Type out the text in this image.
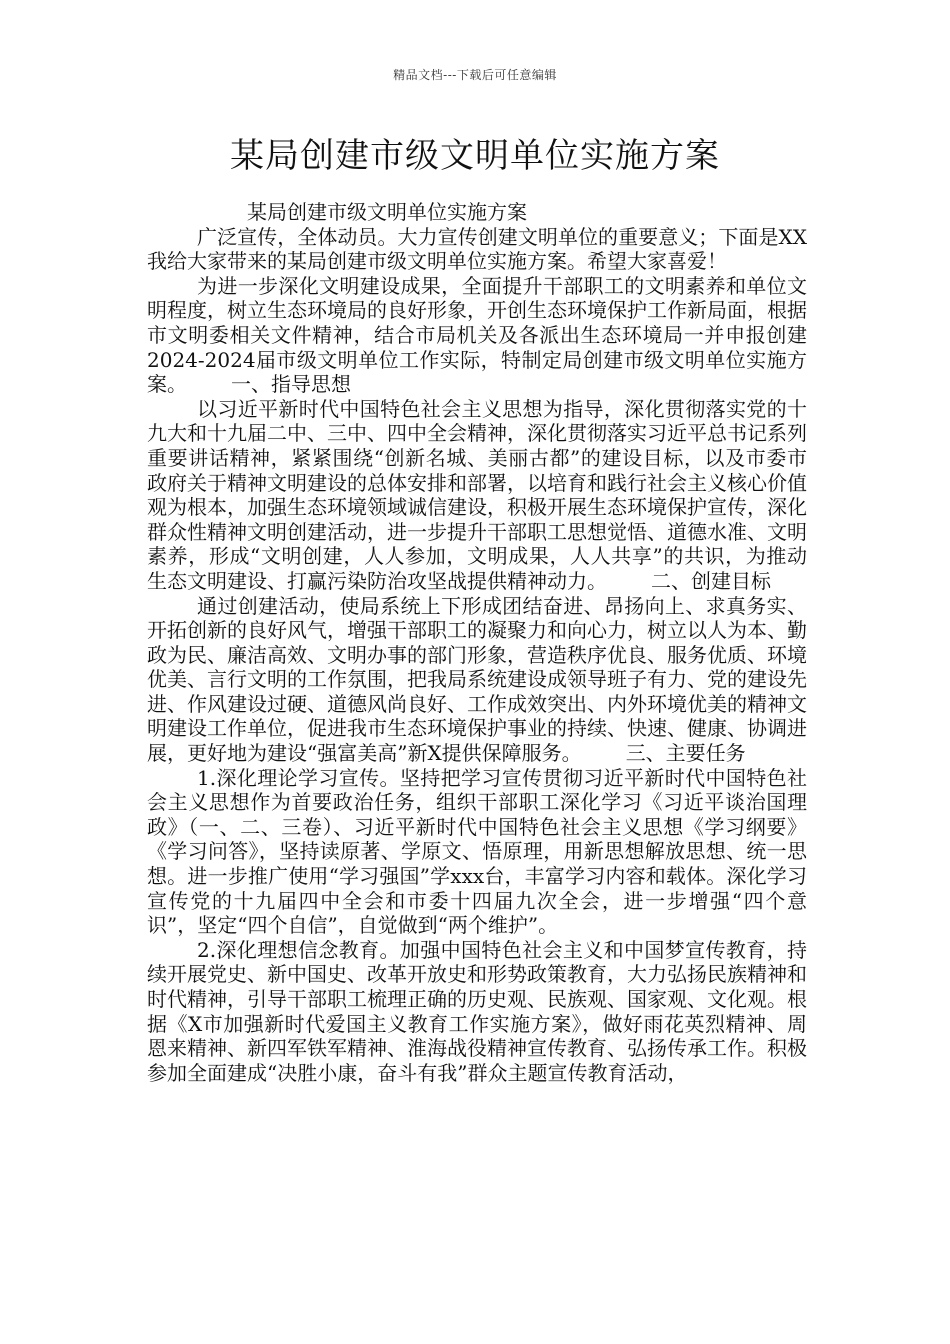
精品文档---下载后可任意编辑
某局创建市级文明单位实施方案

某局创建市级文明单位实施方案

广泛宣传，全体动员。大力宣传创建文明单位的重要意义；下面是XX我给大家带来的某局创建市级文明单位实施方案。希望大家喜爱！

为进一步深化文明建设成果，全面提升干部职工的文明素养和单位文明程度，树立生态环境局的良好形象，开创生态环境保护工作新局面，根据市文明委相关文件精神，结合市局机关及各派出生态环境局一并申报创建2024-2024届市级文明单位工作实际，特制定局创建市级文明单位实施方案。 一、指导思想

以习近平新时代中国特色社会主义思想为指导，深化贯彻落实党的十九大和十九届二中、三中、四中全会精神，深化贯彻落实习近平总书记系列重要讲话精神，紧紧围绕“创新名城、美丽古都”的建设目标，以及市委市政府关于精神文明建设的总体安排和部署，以培育和践行社会主义核心价值观为根本，加强生态环境领域诚信建设，积极开展生态环境保护宣传，深化群众性精神文明创建活动，进一步提升干部职工思想觉悟、道德水准、文明素养，形成“文明创建，人人参加，文明成果，人人共享”的共识，为推动生态文明建设、打赢污染防治攻坚战提供精神动力。 二、创建目标

通过创建活动，使局系统上下形成团结奋进、昂扬向上、求真务实、开拓创新的良好风气，增强干部职工的凝聚力和向心力，树立以人为本、勤政为民、廉洁高效、文明办事的部门形象，营造秩序优良、服务优质、环境优美、言行文明的工作氛围，把我局系统建设成领导班子有力、党的建设先进、作风建设过硬、道德风尚良好、工作成效突出、内外环境优美的精神文明建设工作单位，促进我市生态环境保护事业的持续、快速、健康、协调进展，更好地为建设“强富美高”新X提供保障服务。 三、主要任务

1.深化理论学习宣传。坚持把学习宣传贯彻习近平新时代中国特色社会主义思想作为首要政治任务，组织干部职工深化学习《习近平谈治国理政》（一、二、三卷）、习近平新时代中国特色社会主义思想《学习纲要》《学习问答》，坚持读原著、学原文、悟原理，用新思想解放思想、统一思想。进一步推广使用“学习强国”学xxx台，丰富学习内容和载体。深化学习宣传党的十九届四中全会和市委十四届九次全会，进一步增强“四个意识”，坚定“四个自信”，自觉做到“两个维护”。

2.深化理想信念教育。加强中国特色社会主义和中国梦宣传教育，持续开展党史、新中国史、改革开放史和形势政策教育，大力弘扬民族精神和时代精神，引导干部职工梳理正确的历史观、民族观、国家观、文化观。根据《X市加强新时代爱国主义教育工作实施方案》，做好雨花英烈精神、周恩来精神、新四军铁军精神、淮海战役精神宣传教育、弘扬传承工作。积极参加全面建成“决胜小康，奋斗有我”群众主题宣传教育活动，
